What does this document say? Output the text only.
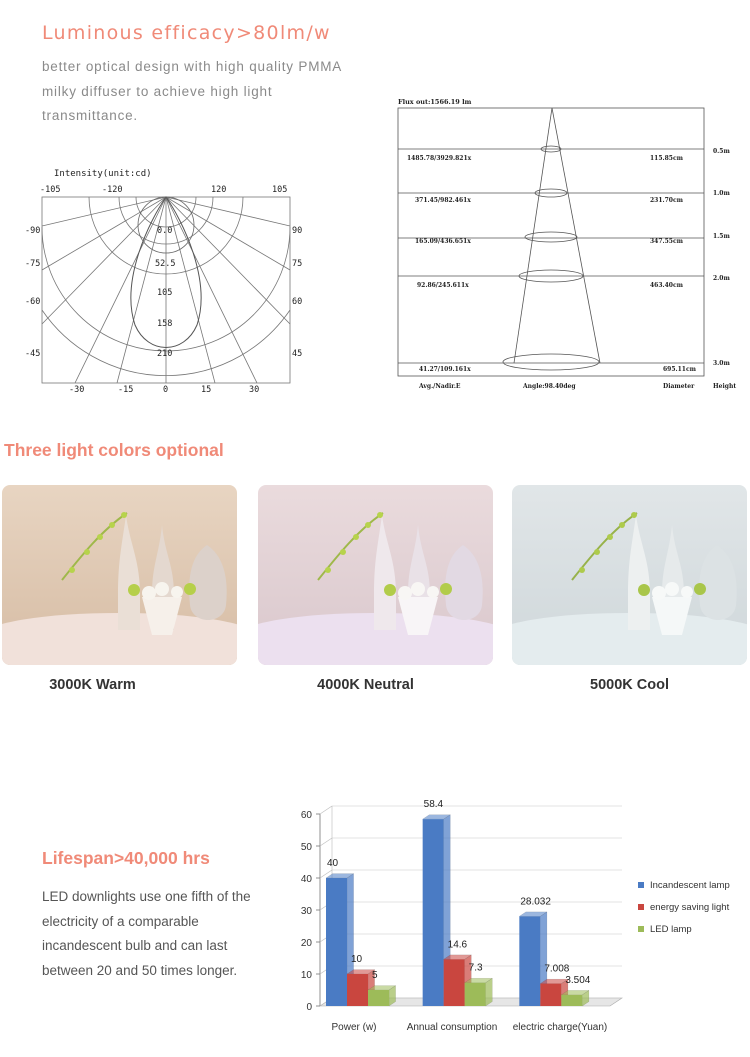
Luminous efficacy>80lm/w
better optical design with high quality PMMA milky diffuser to achieve high light transmittance.
Intensity(unit:cd)
-105	-120	120	105
-90
-75
-60
-45
90
75
60
45
-30	-15	0	15	30
0.0
52.5
105
158
210
Flux out:1566.19 lm
1485.78/3929.821x	115.85cm
0.5m
371.45/982.461x	231.70cm
1.0m
165.09/436.651x	347.55cm
1.5m
92.86/245.611x	463.40cm
2.0m
41.27/109.161x	695.11cm
3.0m
Avg./Nadir.E	Angle:98.40deg	Diameter	Height
Three light colors optional
3000K Warm	4000K Neutral	5000K Cool
Lifespan>40,000 hrs
LED downlights use one fifth of the electricity of a comparable incandescent bulb and can last between 20 and 50 times longer.
0
10
20
30
40
50
60
40
10
5
58.4
14.6
7.3
28.032
7.008
3.504
Power (w)	Annual consumption electric charge(Yuan)
Incandescent lamp
energy saving light
LED lamp
